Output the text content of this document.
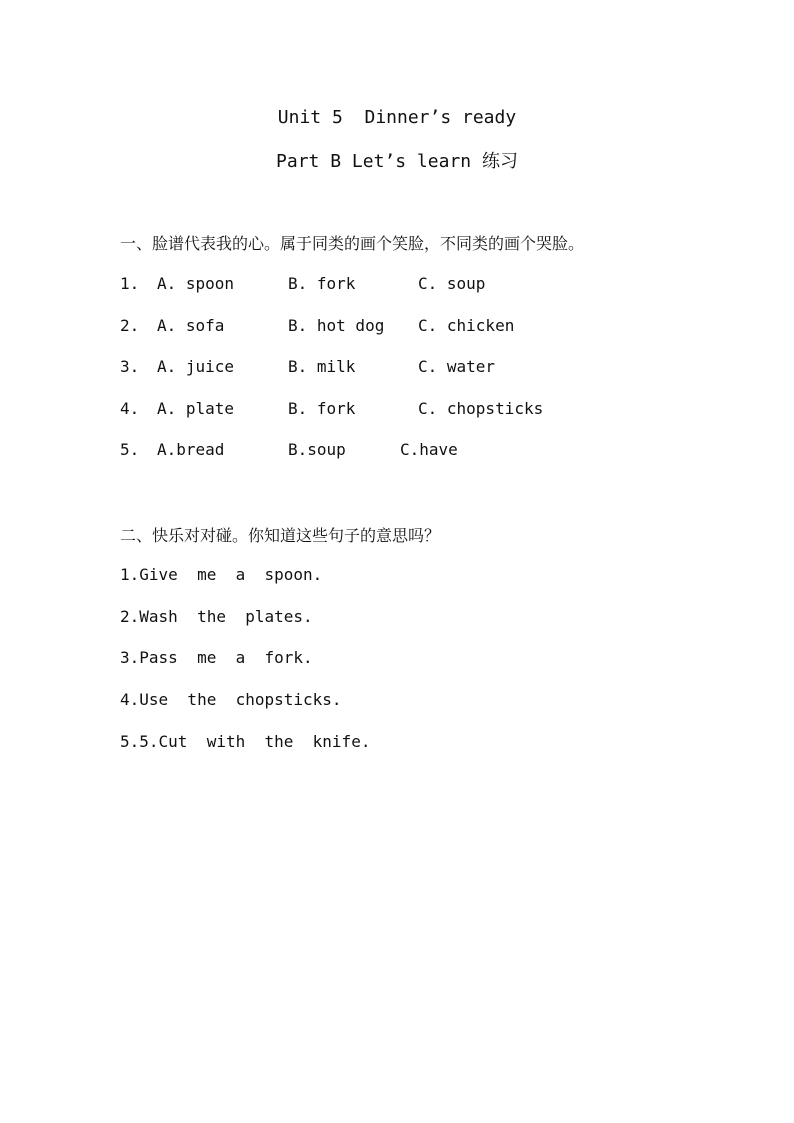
Unit 5  Dinner’s ready
Part B Let’s learn 练习
一、脸谱代表我的心。属于同类的画个笑脸，不同类的画个哭脸。

1.

A. spoon

	B. fork

	C. soup

2.

A. sofa

	B. hot dog

C. chicken

3.

A. juice

	B. milk

	C. water

4.

A. plate

	B. fork

	C. chopsticks

5.

A.bread

	B.soup

	C.have

二、快乐对对碰。你知道这些句子的意思吗？

1.Give  me  a  spoon.

2.Wash  the  plates.

3.Pass  me  a  fork.

4.Use  the  chopsticks.

5.5.Cut  with  the  knife.
